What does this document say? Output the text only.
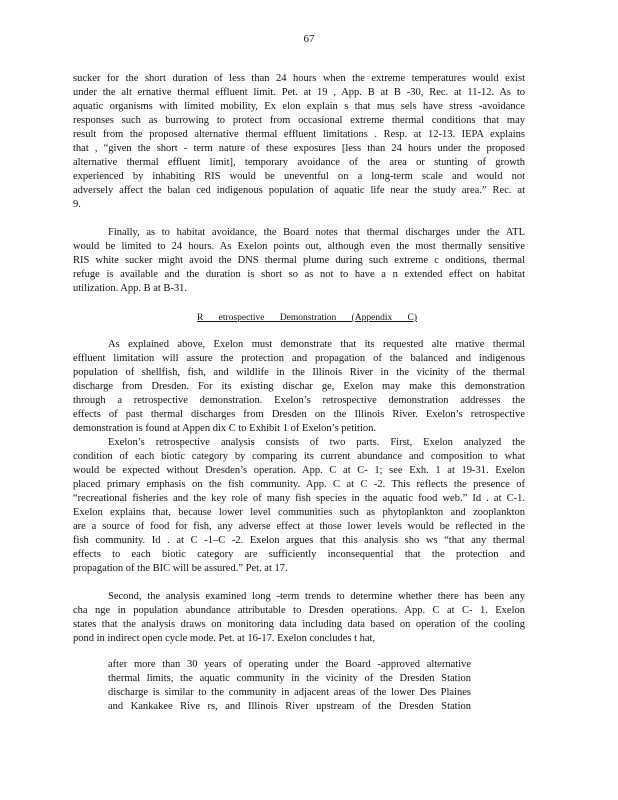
67
sucker for the short duration of less than 24 hours when the extreme temperatures would exist
under the alt ernative thermal effluent limit. Pet. at 19 , App. B at B -30, Rec. at 11-12. As to
aquatic organisms with limited mobility, Ex elon explain s that mus sels have stress -avoidance
responses such as burrowing to protect from occasional extreme thermal conditions that may
result from the proposed alternative thermal effluent limitations . Resp. at 12-13. IEPA explains
that , “given the short - term nature of these exposures [less than 24 hours under the proposed
alternative thermal effluent limit], temporary avoidance of the area or stunting of growth
experienced by inhabiting RIS would be uneventful on a long-term scale and would not
adversely affect the balan ced indigenous population of aquatic life near the study area.” Rec. at
9.
Finally, as to habitat avoidance, the Board notes that thermal discharges under the ATL
would be limited to 24 hours. As Exelon points out, although even the most thermally sensitive
RIS white sucker might avoid the DNS thermal plume during such extreme c onditions, thermal
refuge is available and the duration is short so as not to have a n extended effect on habitat
utilization. App. B at B-31.
R etrospective Demonstration (Appendix C)
As explained above, Exelon must demonstrate that its requested alte rnative thermal
effluent limitation will assure the protection and propagation of the balanced and indigenous
population of shellfish, fish, and wildlife in the Illinois River in the vicinity of the thermal
discharge from Dresden. For its existing dischar ge, Exelon may make this demonstration
through a retrospective demonstration. Exelon’s retrospective demonstration addresses the
effects of past thermal discharges from Dresden on the Illinois River. Exelon’s retrospective
demonstration is found at Appen dix C to Exhibit 1 of Exelon’s petition.
Exelon’s retrospective analysis consists of two parts. First, Exelon analyzed the
condition of each biotic category by comparing its current abundance and composition to what
would be expected without Dresden’s operation. App. C at C- 1; see Exh. 1 at 19-31. Exelon
placed primary emphasis on the fish community. App. C at C -2. This reflects the presence of
“recreational fisheries and the key role of many fish species in the aquatic food web.” Id . at C-1.
Exelon explains that, because lower level communities such as phytoplankton and zooplankton
are a source of food for fish, any adverse effect at those lower levels would be reflected in the
fish community. Id . at C -1–C -2. Exelon argues that this analysis sho ws “that any thermal
effects to each biotic category are sufficiently inconsequential that the protection and
propagation of the BIC will be assured.” Pet. at 17.
Second, the analysis examined long -term trends to determine whether there has been any
cha nge in population abundance attributable to Dresden operations. App. C at C- 1. Exelon
states that the analysis draws on monitoring data including data based on operation of the cooling
pond in indirect open cycle mode. Pet. at 16-17. Exelon concludes t hat,
after more than 30 years of operating under the Board -approved alternative
thermal limits, the aquatic community in the vicinity of the Dresden Station
discharge is similar to the community in adjacent areas of the lower Des Plaines
and Kankakee Rive rs, and Illinois River upstream of the Dresden Station
